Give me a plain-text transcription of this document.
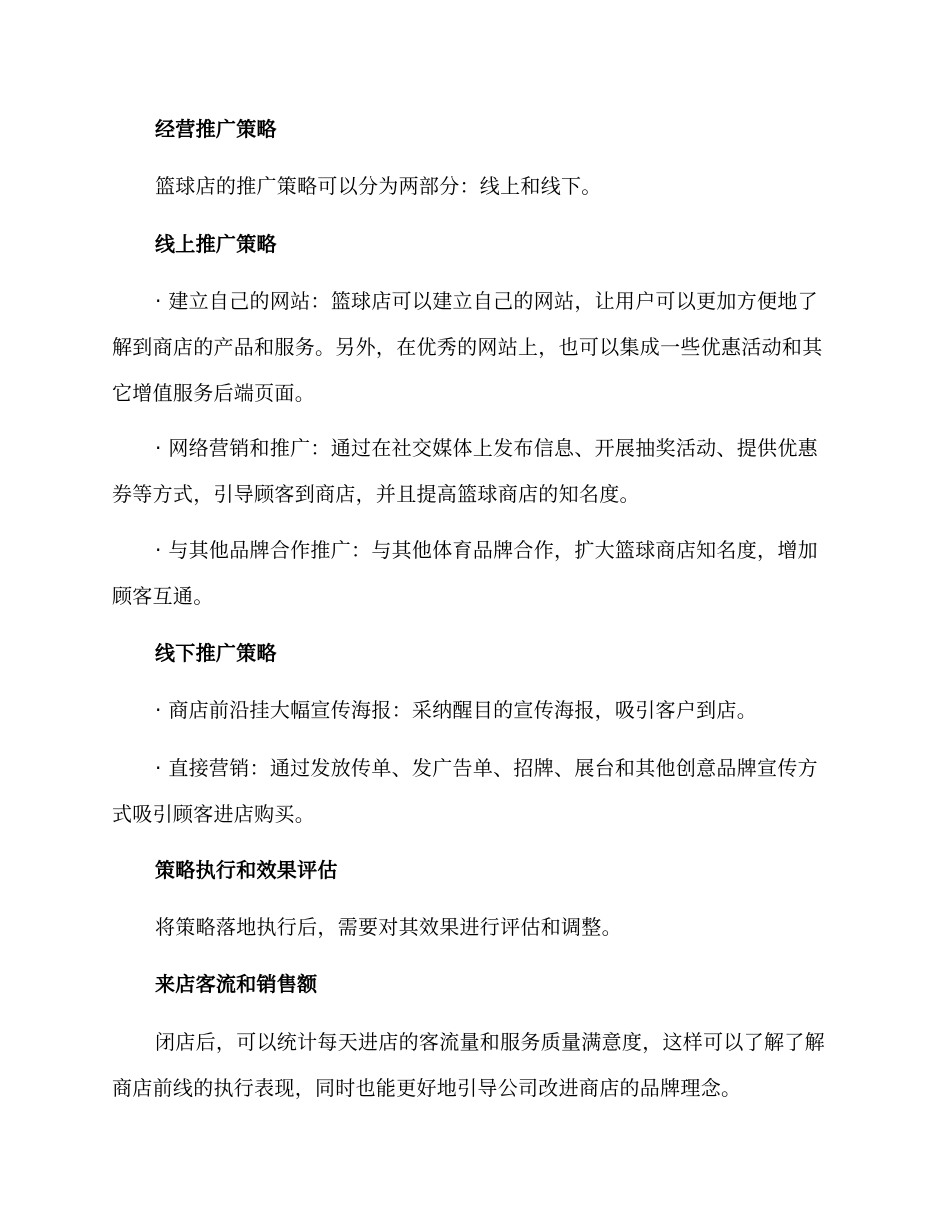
经营推广策略

篮球店的推广策略可以分为两部分：线上和线下。

线上推广策略

· 建立自己的网站：篮球店可以建立自己的网站，让用户可以更加方便地了解到商店的产品和服务。另外，在优秀的网站上，也可以集成一些优惠活动和其它增值服务后端页面。

· 网络营销和推广：通过在社交媒体上发布信息、开展抽奖活动、提供优惠券等方式，引导顾客到商店，并且提高篮球商店的知名度。

· 与其他品牌合作推广：与其他体育品牌合作，扩大篮球商店知名度，增加顾客互通。

线下推广策略

· 商店前沿挂大幅宣传海报：采纳醒目的宣传海报，吸引客户到店。

· 直接营销：通过发放传单、发广告单、招牌、展台和其他创意品牌宣传方式吸引顾客进店购买。

策略执行和效果评估

将策略落地执行后，需要对其效果进行评估和调整。

来店客流和销售额

闭店后，可以统计每天进店的客流量和服务质量满意度，这样可以了解了解商店前线的执行表现，同时也能更好地引导公司改进商店的品牌理念。
